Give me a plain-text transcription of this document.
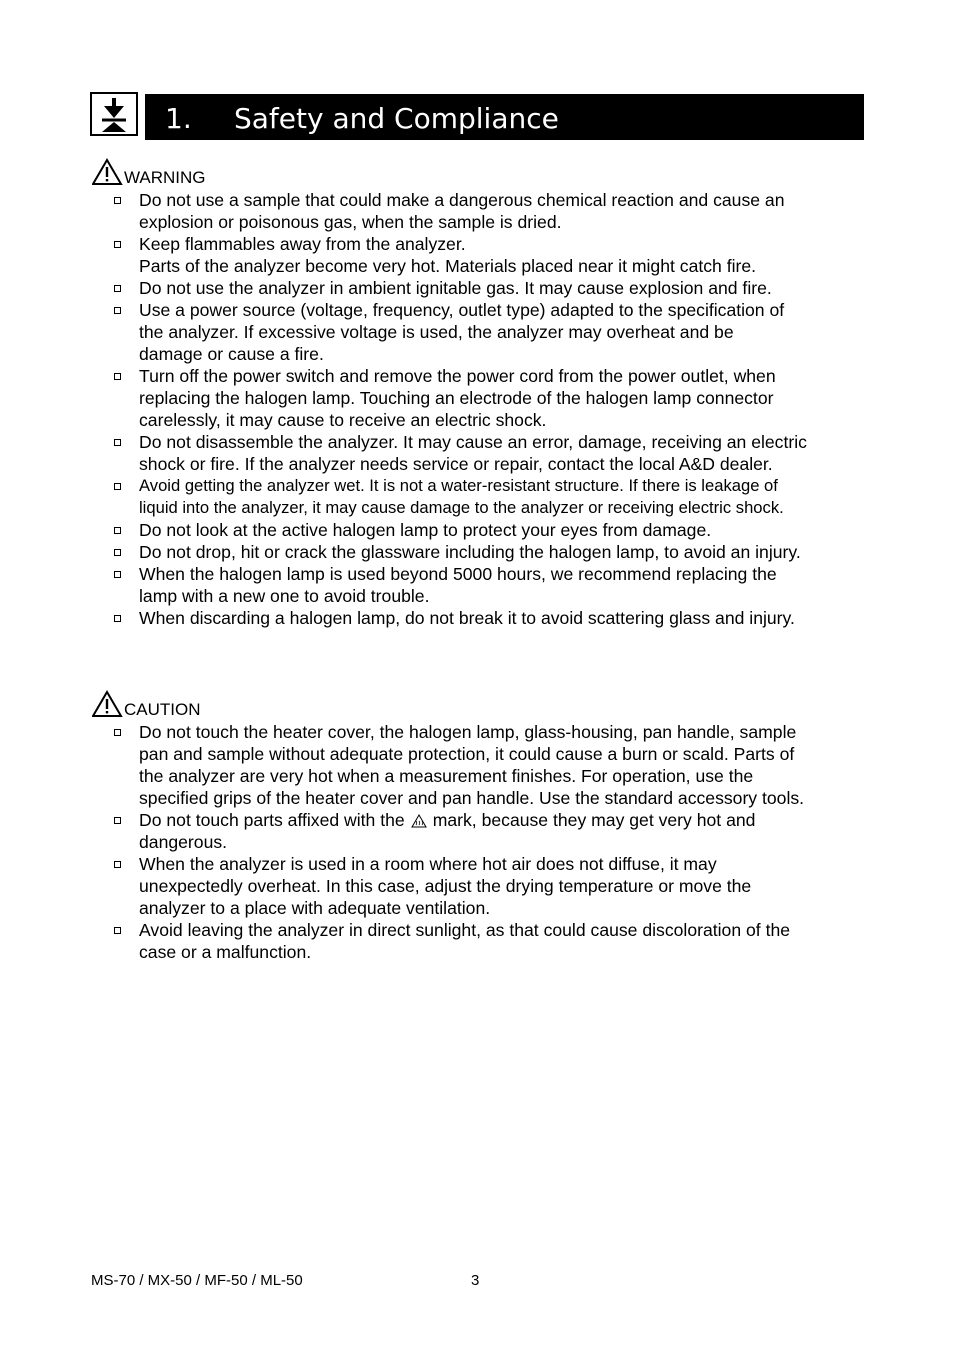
1. Safety and Compliance
WARNING
Do not use a sample that could make a dangerous chemical reaction and cause an
explosion or poisonous gas, when the sample is dried.
Keep flammables away from the analyzer.
Parts of the analyzer become very hot. Materials placed near it might catch fire.
Do not use the analyzer in ambient ignitable gas. It may cause explosion and fire.
Use a power source (voltage, frequency, outlet type) adapted to the specification of
the analyzer. If excessive voltage is used, the analyzer may overheat and be
damage or cause a fire.
Turn off the power switch and remove the power cord from the power outlet, when
replacing the halogen lamp. Touching an electrode of the halogen lamp connector
carelessly, it may cause to receive an electric shock.
Do not disassemble the analyzer. It may cause an error, damage, receiving an electric
shock or fire. If the analyzer needs service or repair, contact the local A&D dealer.
Avoid getting the analyzer wet. It is not a water-resistant structure. If there is leakage of
liquid into the analyzer, it may cause damage to the analyzer or receiving electric shock.
Do not look at the active halogen lamp to protect your eyes from damage.
Do not drop, hit or crack the glassware including the halogen lamp, to avoid an injury.
When the halogen lamp is used beyond 5000 hours, we recommend replacing the
lamp with a new one to avoid trouble.
When discarding a halogen lamp, do not break it to avoid scattering glass and injury.
CAUTION
Do not touch the heater cover, the halogen lamp, glass-housing, pan handle, sample
pan and sample without adequate protection, it could cause a burn or scald. Parts of
the analyzer are very hot when a measurement finishes. For operation, use the
specified grips of the heater cover and pan handle. Use the standard accessory tools.
Do not touch parts affixed with the mark, because they may get very hot and
dangerous.
When the analyzer is used in a room where hot air does not diffuse, it may
unexpectedly overheat. In this case, adjust the drying temperature or move the
analyzer to a place with adequate ventilation.
Avoid leaving the analyzer in direct sunlight, as that could cause discoloration of the
case or a malfunction.
MS-70 / MX-50 / MF-50 / ML-50	3
